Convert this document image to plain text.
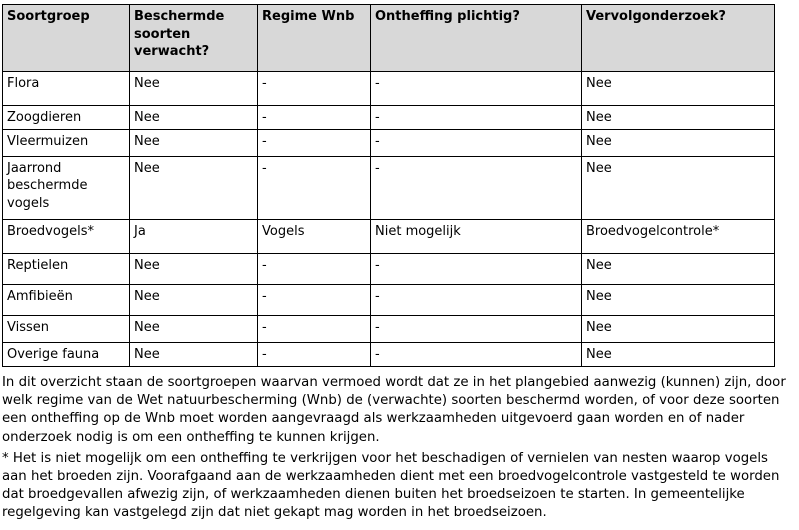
Soortgroep	Beschermde soorten verwacht?	Regime Wnb	Ontheffing plichtig?	Vervolgonderzoek?
Flora	Nee	-	-	Nee
Zoogdieren	Nee	-	-	Nee
Vleermuizen	Nee	-	-	Nee
Jaarrond beschermde vogels	Nee	-	-	Nee
Broedvogels*	Ja	Vogels	Niet mogelijk	Broedvogelcontrole*
Reptielen	Nee	-	-	Nee
Amfibieën	Nee	-	-	Nee
Vissen	Nee	-	-	Nee
Overige fauna	Nee	-	-	Nee

In dit overzicht staan de soortgroepen waarvan vermoed wordt dat ze in het plangebied aanwezig (kunnen) zijn, door welk regime van de Wet natuurbescherming (Wnb) de (verwachte) soorten beschermd worden, of voor deze soorten een ontheffing op de Wnb moet worden aangevraagd als werkzaamheden uitgevoerd gaan worden en of nader onderzoek nodig is om een ontheffing te kunnen krijgen.

* Het is niet mogelijk om een ontheffing te verkrijgen voor het beschadigen of vernielen van nesten waarop vogels aan het broeden zijn. Voorafgaand aan de werkzaamheden dient met een broedvogelcontrole vastgesteld te worden dat broedgevallen afwezig zijn, of werkzaamheden dienen buiten het broedseizoen te starten. In gemeentelijke regelgeving kan vastgelegd zijn dat niet gekapt mag worden in het broedseizoen.
